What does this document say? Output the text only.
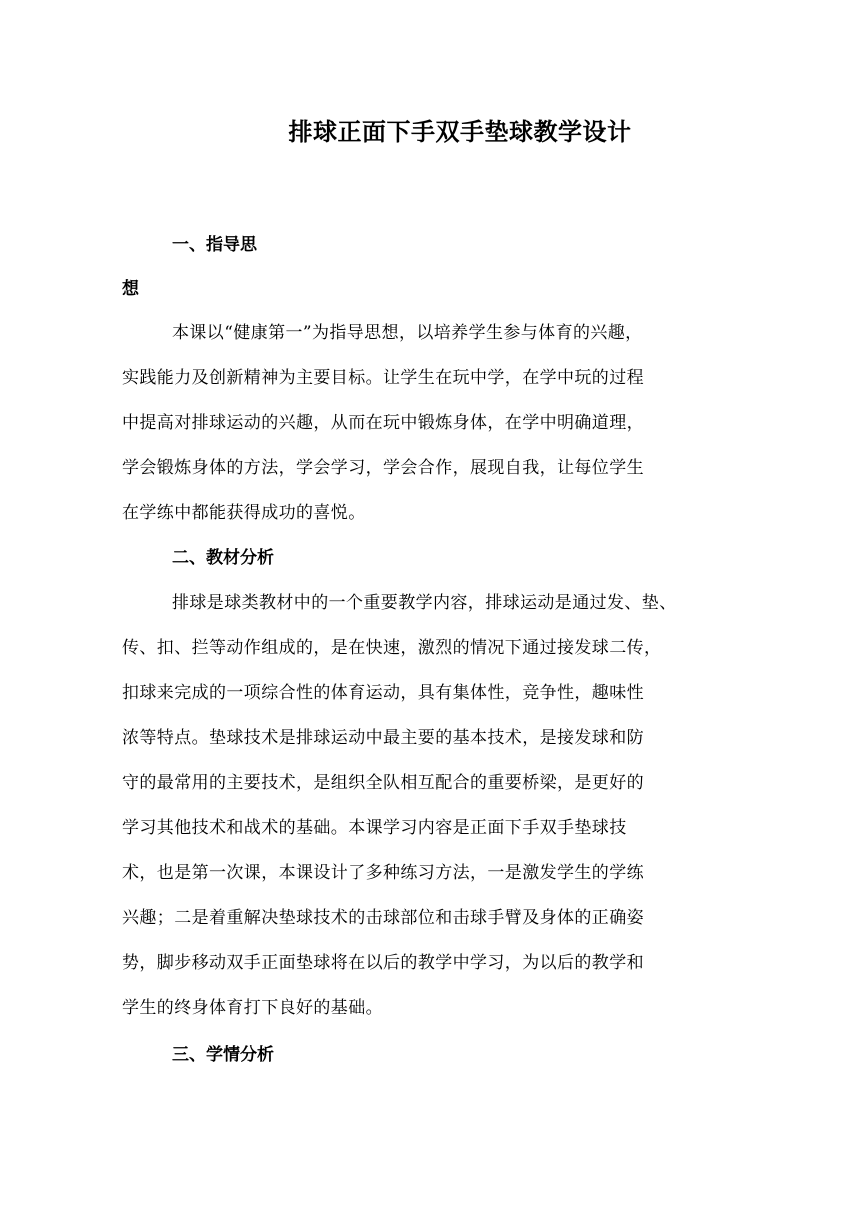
排球正面下手双手垫球教学设计
一、指导思
想
本课以“健康第一”为指导思想，以培养学生参与体育的兴趣，
实践能力及创新精神为主要目标。让学生在玩中学，在学中玩的过程
中提高对排球运动的兴趣，从而在玩中锻炼身体，在学中明确道理，
学会锻炼身体的方法，学会学习，学会合作，展现自我，让每位学生
在学练中都能获得成功的喜悦。
二、教材分析
排球是球类教材中的一个重要教学内容，排球运动是通过发、垫、
传、扣、拦等动作组成的，是在快速，激烈的情况下通过接发球二传，
扣球来完成的一项综合性的体育运动，具有集体性，竞争性，趣味性
浓等特点。垫球技术是排球运动中最主要的基本技术，是接发球和防
守的最常用的主要技术，是组织全队相互配合的重要桥梁，是更好的
学习其他技术和战术的基础。本课学习内容是正面下手双手垫球技
术，也是第一次课，本课设计了多种练习方法，一是激发学生的学练
兴趣；二是着重解决垫球技术的击球部位和击球手臂及身体的正确姿
势，脚步移动双手正面垫球将在以后的教学中学习，为以后的教学和
学生的终身体育打下良好的基础。
三、学情分析
